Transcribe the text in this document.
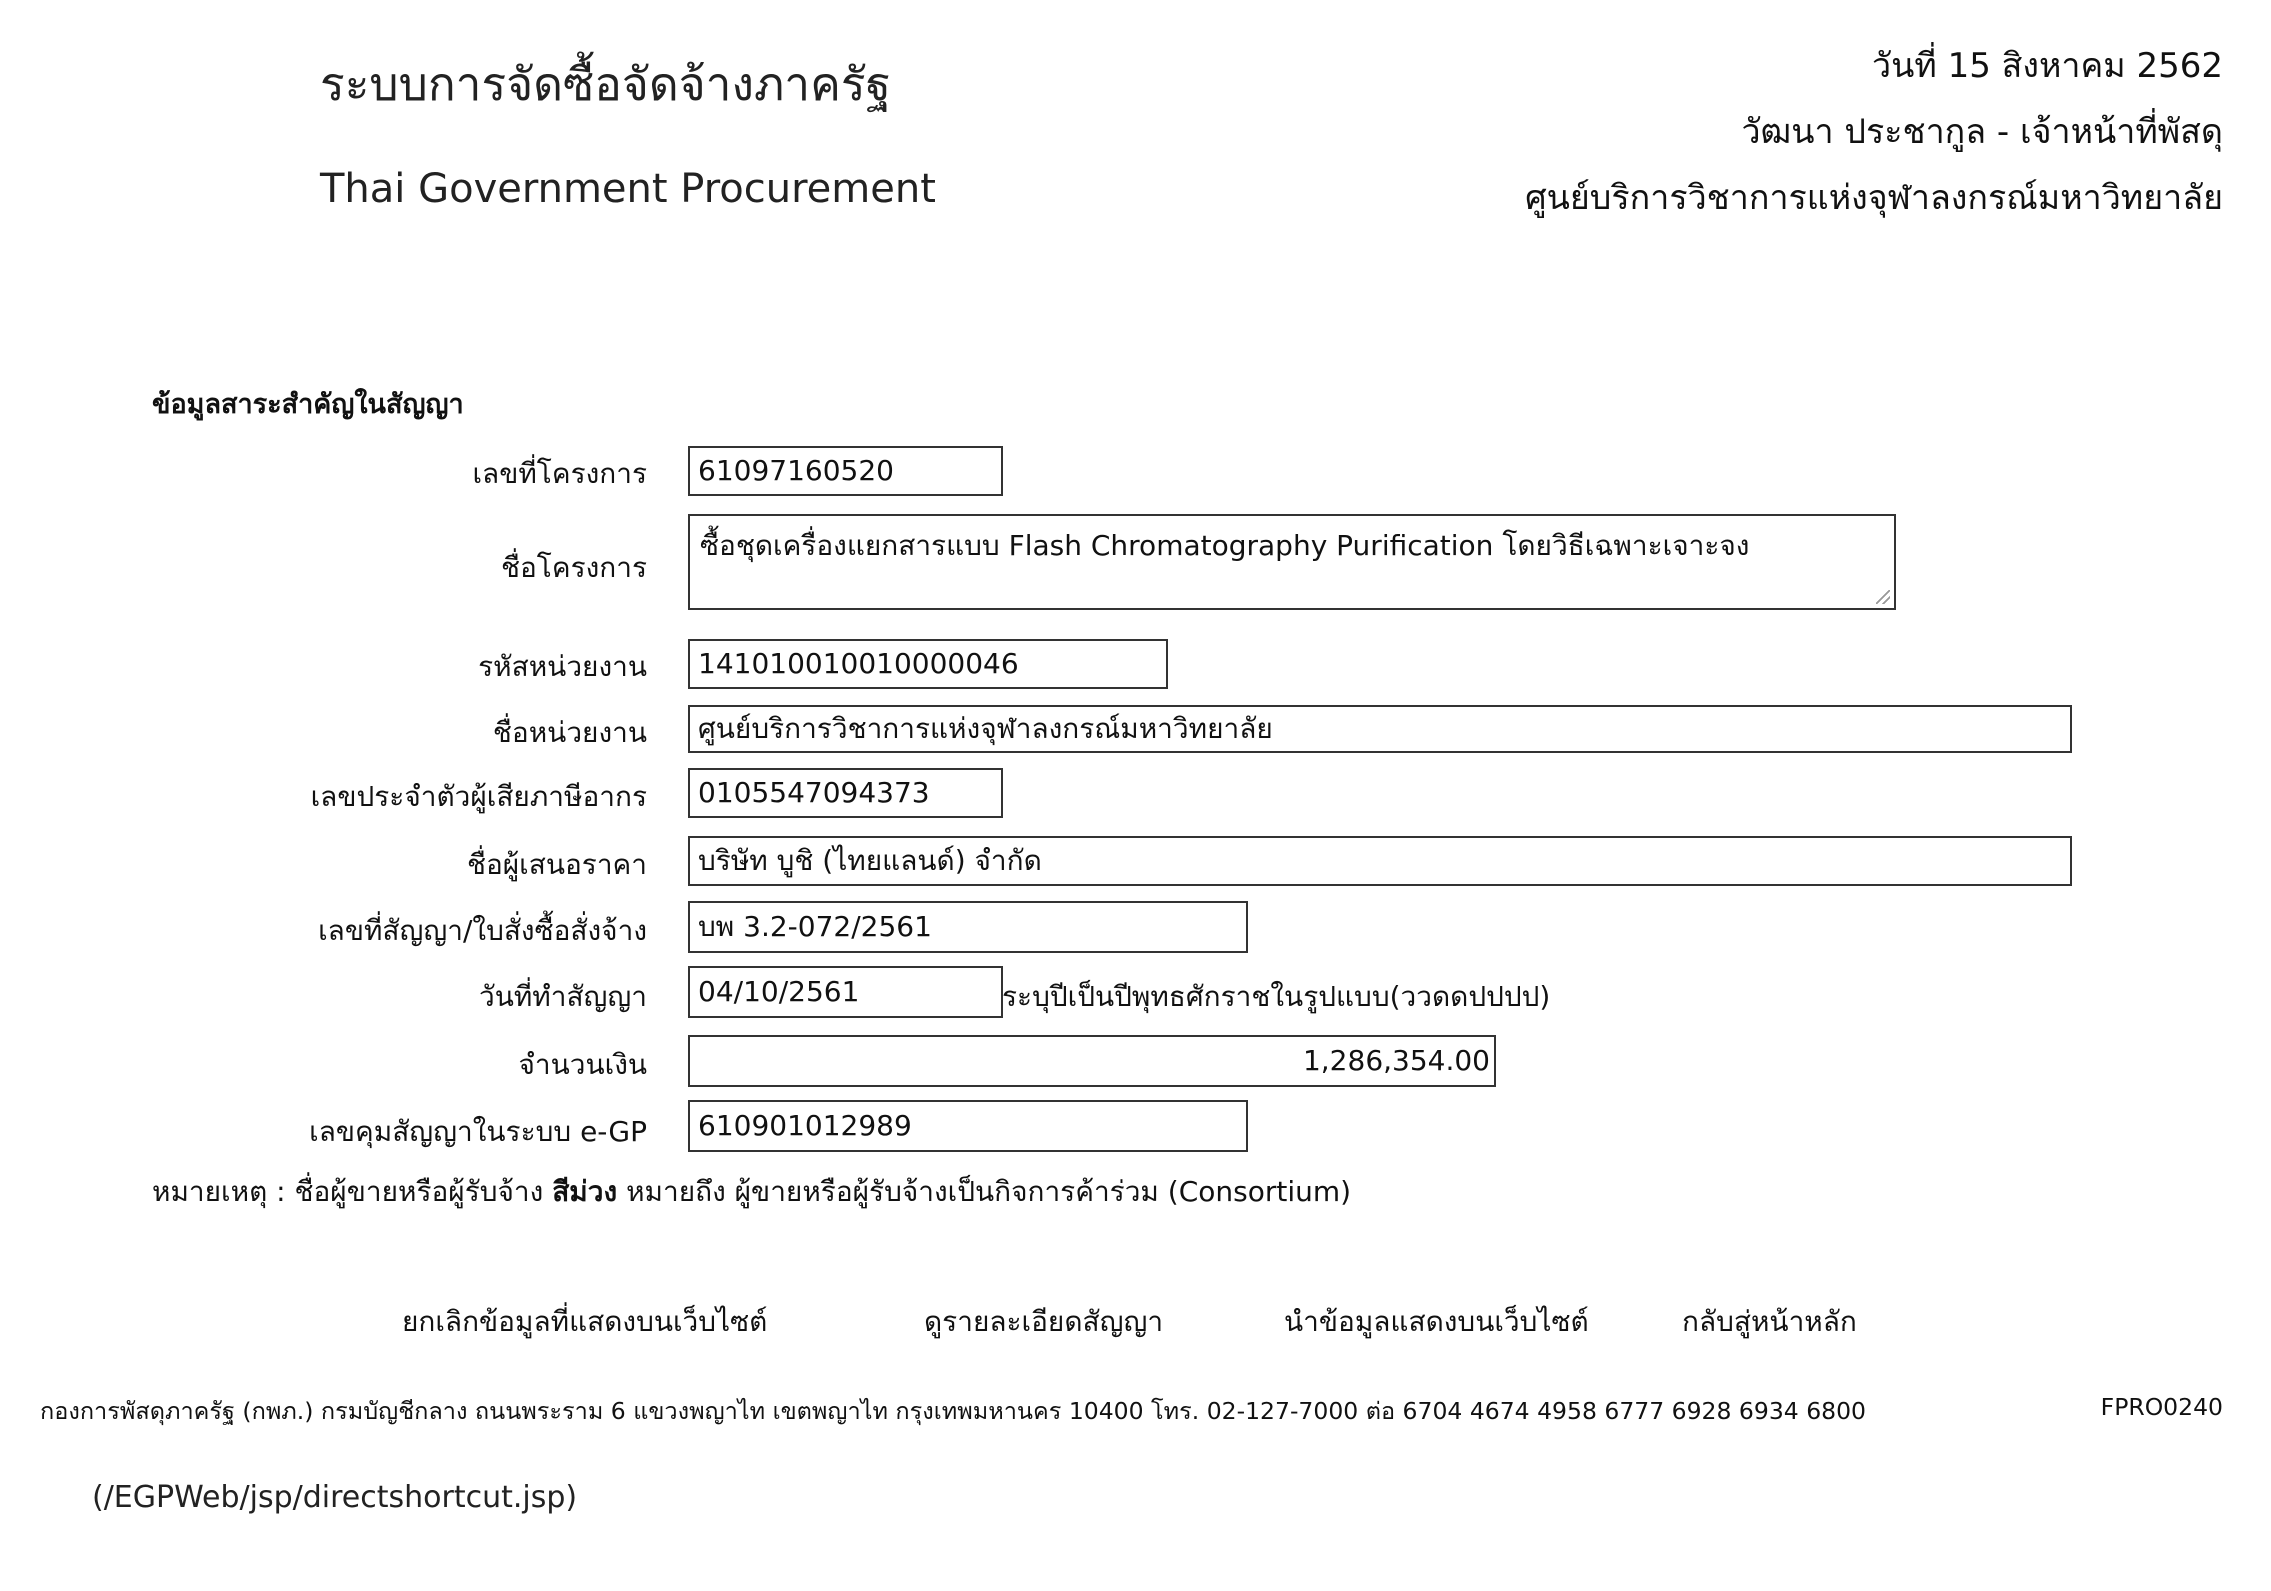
ระบบการจัดซื้อจัดจ้างภาครัฐ
Thai Government Procurement
วันที่ 15 สิงหาคม 2562
วัฒนา ประชากูล - เจ้าหน้าที่พัสดุ
ศูนย์บริการวิชาการแห่งจุฬาลงกรณ์มหาวิทยาลัย
ข้อมูลสาระสำคัญในสัญญา
เลขที่โครงการ	61097160520
ชื่อโครงการ
ซื้อชุดเครื่องแยกสารแบบ Flash Chromatography Purification โดยวิธีเฉพาะเจาะจง
รหัสหน่วยงาน	141010010010000046
ชื่อหน่วยงาน	ศูนย์บริการวิชาการแห่งจุฬาลงกรณ์มหาวิทยาลัย
เลขประจำตัวผู้เสียภาษีอากร	0105547094373
ชื่อผู้เสนอราคา	บริษัท บูชิ (ไทยแลนด์) จำกัด
เลขที่สัญญา/ใบสั่งซื้อสั่งจ้าง	บพ 3.2-072/2561
วันที่ทำสัญญา	04/10/2561	ระบุปีเป็นปีพุทธศักราชในรูปแบบ(ววดดปปปป)
จำนวนเงิน	1,286,354.00
เลขคุมสัญญาในระบบ e-GP	610901012989
หมายเหตุ : ชื่อผู้ขายหรือผู้รับจ้าง สีม่วง หมายถึง ผู้ขายหรือผู้รับจ้างเป็นกิจการค้าร่วม (Consortium)
ยกเลิกข้อมูลที่แสดงบนเว็บไซต์	ดูรายละเอียดสัญญา	นำข้อมูลแสดงบนเว็บไซต์	กลับสู่หน้าหลัก
กองการพัสดุภาครัฐ (กพภ.) กรมบัญชีกลาง ถนนพระราม 6 แขวงพญาไท เขตพญาไท กรุงเทพมหานคร 10400 โทร. 02-127-7000 ต่อ 6704 4674 4958 6777 6928 6934 6800	FPRO0240
(/EGPWeb/jsp/directshortcut.jsp)
